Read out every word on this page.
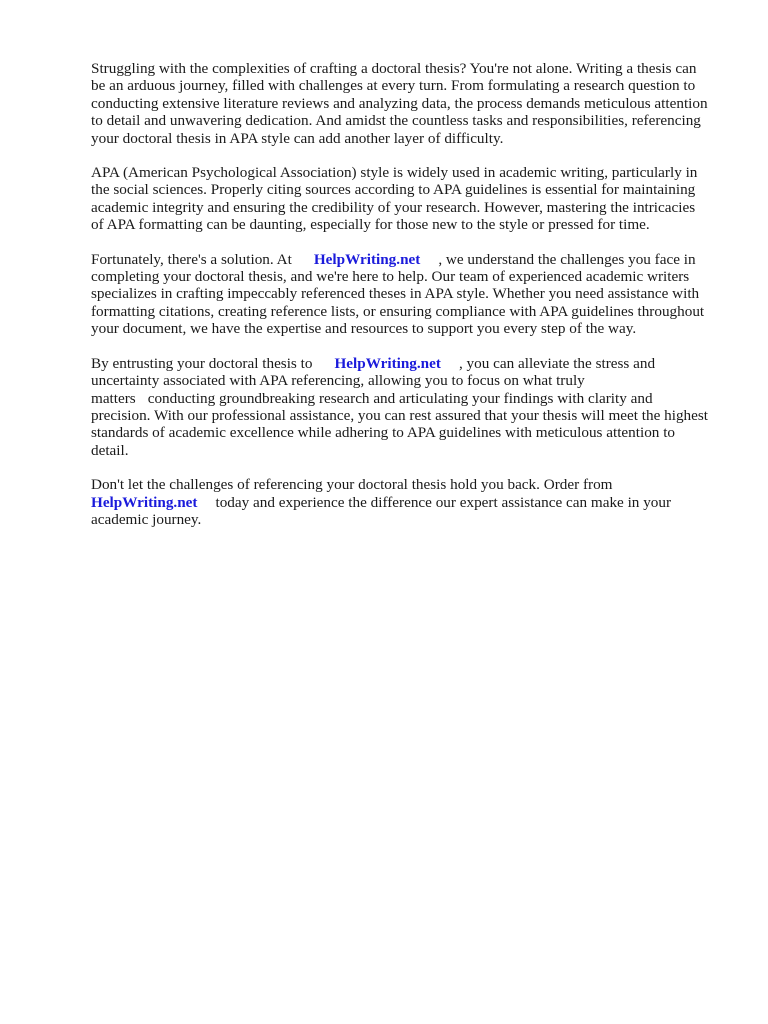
Struggling with the complexities of crafting a doctoral thesis? You're not alone. Writing a thesis can
be an arduous journey, filled with challenges at every turn. From formulating a research question to
conducting extensive literature reviews and analyzing data, the process demands meticulous attention
to detail and unwavering dedication. And amidst the countless tasks and responsibilities, referencing
your doctoral thesis in APA style can add another layer of difficulty.

APA (American Psychological Association) style is widely used in academic writing, particularly in
the social sciences. Properly citing sources according to APA guidelines is essential for maintaining
academic integrity and ensuring the credibility of your research. However, mastering the intricacies
of APA formatting can be daunting, especially for those new to the style or pressed for time.

Fortunately, there's a solution. At HelpWriting.net , we understand the challenges you face in
completing your doctoral thesis, and we're here to help. Our team of experienced academic writers
specializes in crafting impeccably referenced theses in APA style. Whether you need assistance with
formatting citations, creating reference lists, or ensuring compliance with APA guidelines throughout
your document, we have the expertise and resources to support you every step of the way.

By entrusting your doctoral thesis to HelpWriting.net , you can alleviate the stress and
uncertainty associated with APA referencing, allowing you to focus on what truly
matters conducting groundbreaking research and articulating your findings with clarity and
precision. With our professional assistance, you can rest assured that your thesis will meet the highest
standards of academic excellence while adhering to APA guidelines with meticulous attention to
detail.

Don't let the challenges of referencing your doctoral thesis hold you back. Order from
HelpWriting.net today and experience the difference our expert assistance can make in your
academic journey.
